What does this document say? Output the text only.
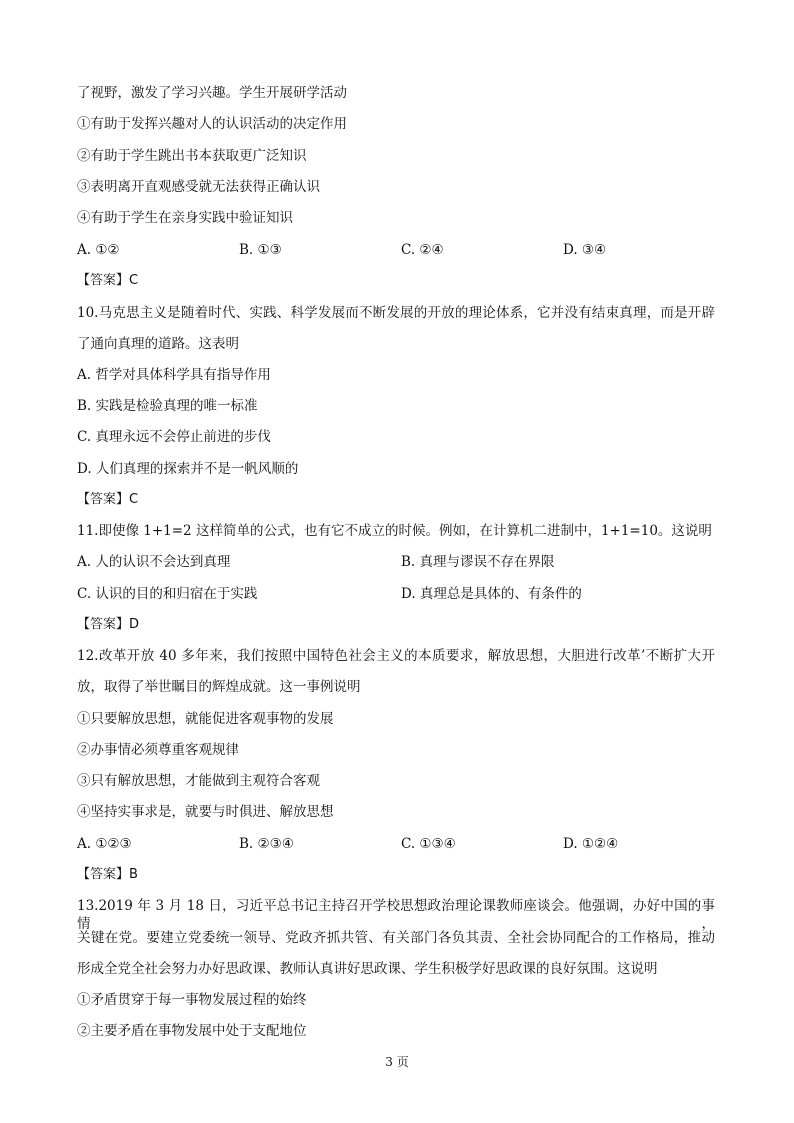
了视野，激发了学习兴趣。学生开展研学活动
①有助于发挥兴趣对人的认识活动的决定作用
②有助于学生跳出书本获取更广泛知识
③表明离开直观感受就无法获得正确认识
④有助于学生在亲身实践中验证知识
A. ①②	B. ①③	C. ②④	D. ③④
【答案】C
10.马克思主义是随着时代、实践、科学发展而不断发展的开放的理论体系，它并没有结束真理，而是开辟
了通向真理的道路。这表明
A. 哲学对具体科学具有指导作用
B. 实践是检验真理的唯一标准
C. 真理永远不会停止前进的步伐
D. 人们真理的探索并不是一帆风顺的
【答案】C
11.即使像 1+1=2 这样简单的公式，也有它不成立的时候。例如，在计算机二进制中，1+1=10。这说明
A. 人的认识不会达到真理	B. 真理与谬误不存在界限
C. 认识的目的和归宿在于实践	D. 真理总是具体的、有条件的
【答案】D
12.改革开放 40 多年来，我们按照中国特色社会主义的本质要求，解放思想，大胆进行改革’不断扩大开
放，取得了举世瞩目的辉煌成就。这一事例说明
①只要解放思想，就能促进客观事物的发展
②办事情必须尊重客观规律
③只有解放思想，才能做到主观符合客观
④坚持实事求是，就要与时俱进、解放思想
A. ①②③	B. ②③④	C. ①③④	D. ①②④
【答案】B
13.2019 年 3 月 18 日，习近平总书记主持召开学校思想政治理论课教师座谈会。他强调，办好中国的事情，
关键在党。要建立党委统一领导、党政齐抓共管、有关部门各负其责、全社会协同配合的工作格局，推动
形成全党全社会努力办好思政课、教师认真讲好思政课、学生积极学好思政课的良好氛围。这说明
①矛盾贯穿于每一事物发展过程的始终
②主要矛盾在事物发展中处于支配地位
3 页
